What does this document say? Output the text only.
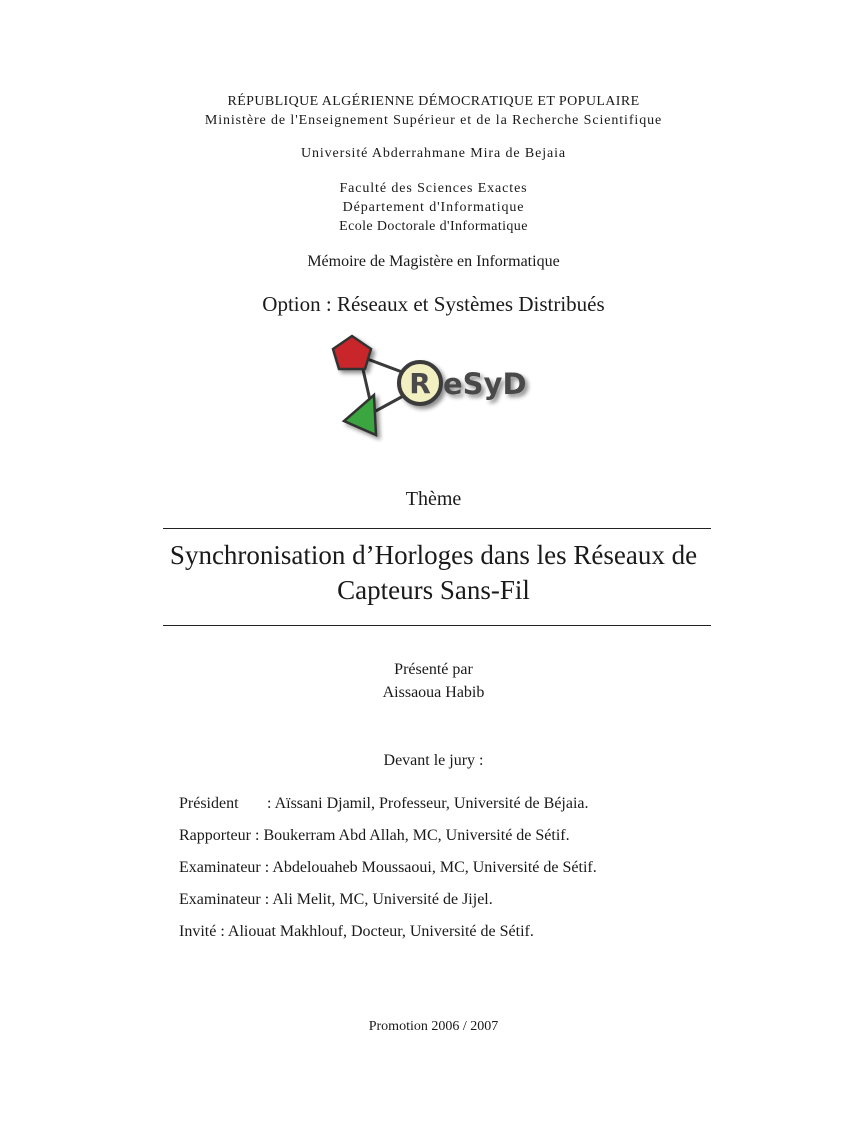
RÉPUBLIQUE ALGÉRIENNE DÉMOCRATIQUE ET POPULAIRE
Ministère de l'Enseignement Supérieur et de la Recherche Scientifique
Université Abderrahmane Mira de Bejaia
Faculté des Sciences Exactes
Département d'Informatique
Ecole Doctorale d'Informatique
Mémoire de Magistère en Informatique
Option : Réseaux et Systèmes Distribués
R eSyD
Thème
Synchronisation d’Horloges dans les Réseaux de
Capteurs Sans-Fil
Présenté par
Aissaoua Habib
Devant le jury :
Président : Aïssani Djamil, Professeur, Université de Béjaia.
Rapporteur : Boukerram Abd Allah, MC, Université de Sétif.
Examinateur : Abdelouaheb Moussaoui, MC, Université de Sétif.
Examinateur : Ali Melit, MC, Université de Jijel.
Invité : Aliouat Makhlouf, Docteur, Université de Sétif.
Promotion 2006 / 2007
